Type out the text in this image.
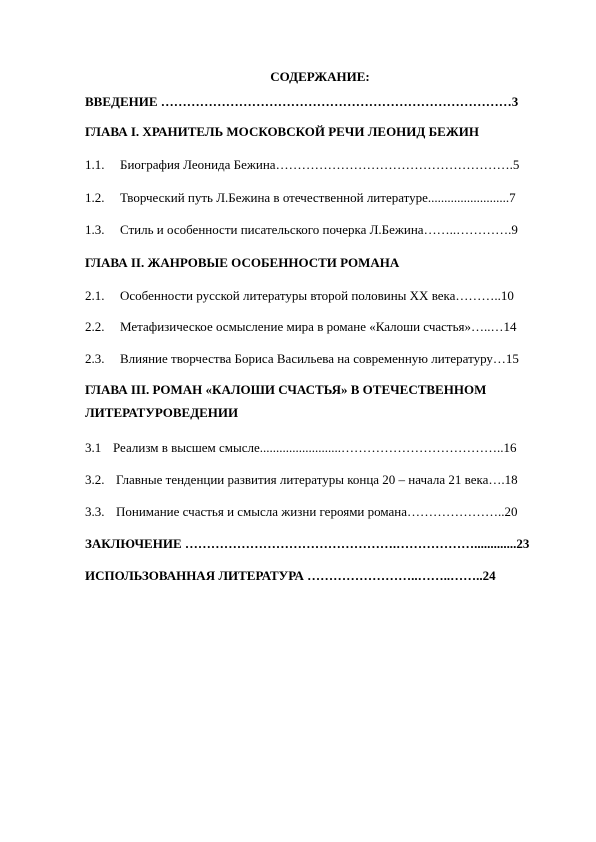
СОДЕРЖАНИЕ:
ВВЕДЕНИЕ ………………………………………………………………………3
ГЛАВА I. ХРАНИТЕЛЬ МОСКОВСКОЙ РЕЧИ ЛЕОНИД БЕЖИН
1.1. Биография Леонида Бежина……………………………………………….5
1.2. Творческий путь Л.Бежина в отечественной литературе.........................7
1.3. Стиль и особенности писательского почерка Л.Бежина……..………….9
ГЛАВА II. ЖАНРОВЫЕ ОСОБЕННОСТИ РОМАНА
2.1. Особенности русской литературы второй половины XX века………..10
2.2. Метафизическое осмысление мира в романе «Калоши счастья»…..…14
2.3. Влияние творчества Бориса Васильева на современную литературу…15
ГЛАВА III. РОМАН «КАЛОШИ СЧАСТЬЯ» В ОТЕЧЕСТВЕННОМ
ЛИТЕРАТУРОВЕДЕНИИ
3.1 Реализм в высшем смысле.........................………………………………..16
3.2. Главные тенденции развития литературы конца 20 – начала 21 века….18
3.3. Понимание счастья и смысла жизни героями романа…………………..20
ЗАКЛЮЧЕНИЕ ………………………………………….……………….............23
ИСПОЛЬЗОВАННАЯ ЛИТЕРАТУРА ……………………..……..……..24
